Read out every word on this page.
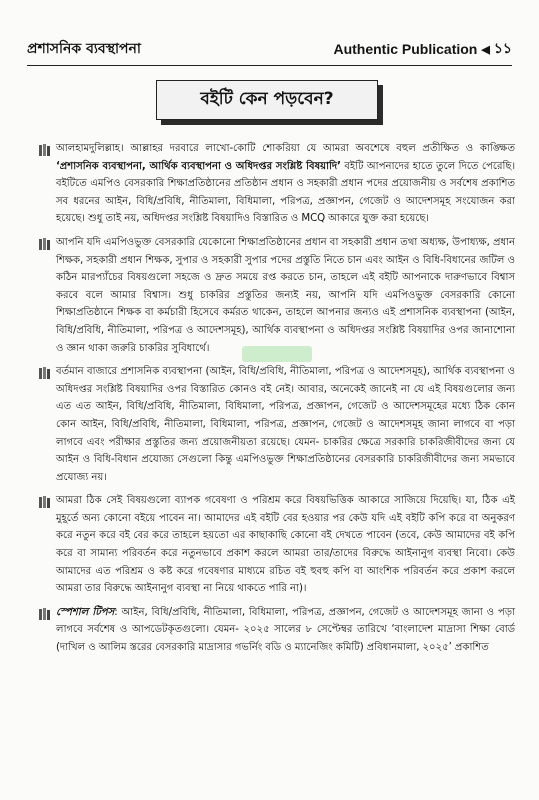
প্রশাসনিক ব্যবস্থাপনা	Authentic Publication ◀ ১১
বইটি কেন পড়বেন?
আলহামদুলিল্লাহ। আল্লাহর দরবারে লাখো-কোটি শোকরিয়া যে আমরা অবশেষে বহুল প্রতীক্ষিত ও কাঙ্ক্ষিত ‘প্রশাসনিক ব্যবস্থাপনা, আর্থিক ব্যবস্থাপনা ও অধিদপ্তর সংশ্লিষ্ট বিষয়াদি’ বইটি আপনাদের হাতে তুলে দিতে পেরেছি। বইটিতে এমপিও বেসরকারি শিক্ষাপ্রতিষ্ঠানের প্রতিষ্ঠান প্রধান ও সহকারী প্রধান পদের প্রয়োজনীয় ও সর্বশেষ প্রকাশিত সব ধরনের আইন, বিধি/প্রবিধি, নীতিমালা, বিধিমালা, পরিপত্র, প্রজ্ঞাপন, গেজেট ও আদেশসমূহ সংযোজন করা হয়েছে। শুধু তাই নয়, অধিদপ্তর সংশ্লিষ্ট বিষয়াদিও বিস্তারিত ও MCQ আকারে যুক্ত করা হয়েছে।
আপনি যদি এমপিওভুক্ত বেসরকারি যেকোনো শিক্ষাপ্রতিষ্ঠানের প্রধান বা সহকারী প্রধান তথা অধ্যক্ষ, উপাধ্যক্ষ, প্রধান শিক্ষক, সহকারী প্রধান শিক্ষক, সুপার ও সহকারী সুপার পদের প্রস্তুতি নিতে চান এবং আইন ও বিধি-বিধানের জটিল ও কঠিন মারপ্যাঁচের বিষয়গুলো সহজে ও দ্রুত সময়ে রপ্ত করতে চান, তাহলে এই বইটি আপনাকে দারুণভাবে বিশ্বাস করবে বলে আমার বিশ্বাস। শুধু চাকরির প্রস্তুতির জন্যই নয়, আপনি যদি এমপিওভুক্ত বেসরকারি কোনো শিক্ষাপ্রতিষ্ঠানে শিক্ষক বা কর্মচারী হিসেবে কর্মরত থাকেন, তাহলে আপনার জন্যও এই প্রশাসনিক ব্যবস্থাপনা (আইন, বিধি/প্রবিধি, নীতিমালা, পরিপত্র ও আদেশসমূহ), আর্থিক ব্যবস্থাপনা ও অধিদপ্তর সংশ্লিষ্ট বিষয়াদির ওপর জানাশোনা ও জ্ঞান থাকা জরুরি চাকরির সুবিধার্থে।
বর্তমান বাজারে প্রশাসনিক ব্যবস্থাপনা (আইন, বিধি/প্রবিধি, নীতিমালা, পরিপত্র ও আদেশসমূহ), আর্থিক ব্যবস্থাপনা ও অধিদপ্তর সংশ্লিষ্ট বিষয়াদির ওপর বিস্তারিত কোনও বই নেই। আবার, অনেকেই জানেই না যে এই বিষয়গুলোর জন্য এত এত আইন, বিধি/প্রবিধি, নীতিমালা, বিধিমালা, পরিপত্র, প্রজ্ঞাপন, গেজেট ও আদেশসমূহের মধ্যে ঠিক কোন কোন আইন, বিধি/প্রবিধি, নীতিমালা, বিধিমালা, পরিপত্র, প্রজ্ঞাপন, গেজেট ও আদেশসমূহ জানা লাগবে বা পড়া লাগবে এবং পরীক্ষার প্রস্তুতির জন্য প্রয়োজনীয়তা রয়েছে। যেমন- চাকরির ক্ষেত্রে সরকারি চাকরিজীবীদের জন্য যে আইন ও বিধি-বিধান প্রযোজ্য সেগুলো কিন্তু এমপিওভুক্ত শিক্ষাপ্রতিষ্ঠানের বেসরকারি চাকরিজীবীদের জন্য সমভাবে প্রযোজ্য নয়।
আমরা ঠিক সেই বিষয়গুলো ব্যাপক গবেষণা ও পরিশ্রম করে বিষয়ভিত্তিক আকারে সাজিয়ে দিয়েছি। যা, ঠিক এই মুহূর্তে অন্য কোনো বইয়ে পাবেন না। আমাদের এই বইটি বের হওয়ার পর কেউ যদি এই বইটি কপি করে বা অনুকরণ করে নতুন করে বই বের করে তাহলে হয়তো এর কাছাকাছি কোনো বই দেখতে পাবেন (তবে, কেউ আমাদের বই কপি করে বা সামান্য পরিবর্তন করে নতুনভাবে প্রকাশ করলে আমরা তার/তাদের বিরুদ্ধে আইনানুগ ব্যবস্থা নিবো। কেউ আমাদের এত পরিশ্রম ও কষ্ট করে গবেষণার মাধ্যমে রচিত বই হুবহু কপি বা আংশিক পরিবর্তন করে প্রকাশ করলে আমরা তার বিরুদ্ধে আইনানুগ ব্যবস্থা না নিয়ে থাকতে পারি না)।
স্পেশাল টিপস: আইন, বিধি/প্রবিধি, নীতিমালা, বিধিমালা, পরিপত্র, প্রজ্ঞাপন, গেজেট ও আদেশসমূহ জানা ও পড়া লাগবে সর্বশেষ ও আপডেটকৃতগুলো। যেমন- ২০২৫ সালের ৮ সেপ্টেম্বর তারিখে ‘বাংলাদেশ মাদ্রাসা শিক্ষা বোর্ড (দাখিল ও আলিম স্তরের বেসরকারি মাদ্রাসার গভর্নিং বডি ও ম্যানেজিং কমিটি) প্রবিধানমালা, ২০২৫’ প্রকাশিত
